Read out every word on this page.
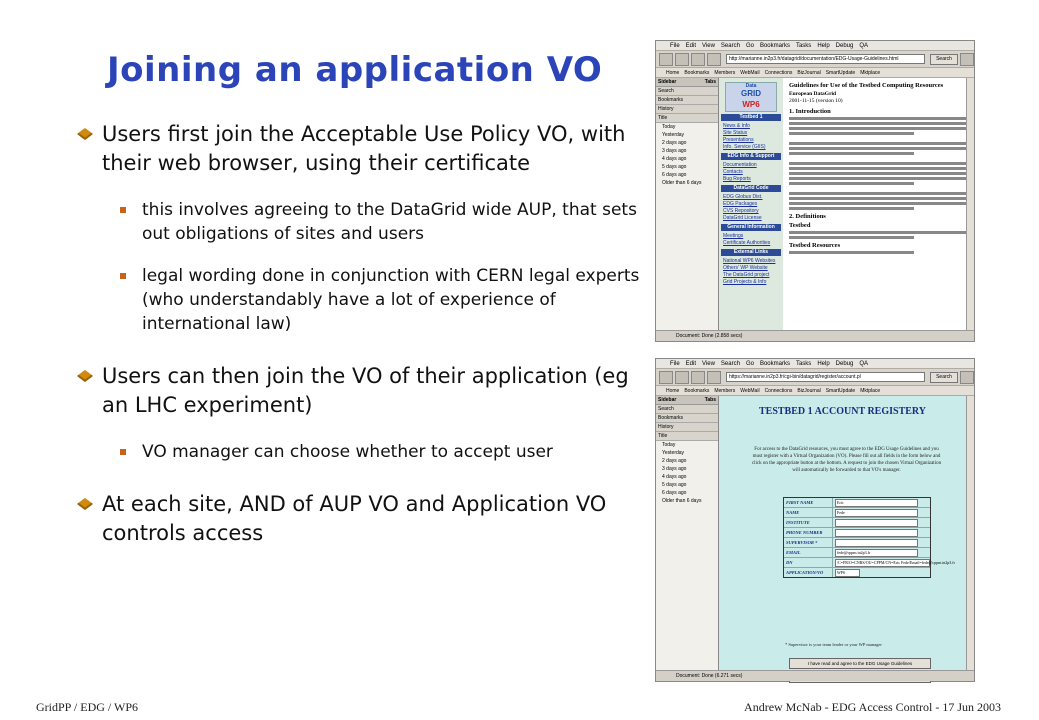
Joining an application VO
Users first join the Acceptable Use Policy VO, with their web browser, using their certificate
this involves agreeing to the DataGrid wide AUP, that sets out obligations of sites and users
legal wording done in conjunction with CERN legal experts (who understandably have a lot of experience of international law)
Users can then join the VO of their application (eg an LHC experiment)
VO manager can choose whether to accept user
At each site, AND of AUP VO and Application VO controls access
File Edit View Search Go Bookmarks Tasks Help Debug QA
http://marianne.in2p3.fr/datagrid/documentation/EDG-Usage-Guidelines.html	Search
Home Bookmarks Members WebMail Connections BizJournal SmartUpdate Mktplace
Sidebar	Tabs
Search
Bookmarks
History
Title
Today
Yesterday
2 days ago
3 days ago
4 days ago
5 days ago
6 days ago
Older than 6 days
Data
GRID
WP6
Testbed 1
News & Info
Site Status
Presentations
Info. Service (GIIS)
EDG Info & Support
Documentation
Contacts
Bug Reports
DataGrid Code
EDG Globus Dist.
EDG Packages
CVS Repository
DataGrid License
General Information
Meetings
Certificate Authorities
External Links
National WP6 Websites
Others' WP Website
The DataGrid project
Grid Projects & Info
Guidelines for Use of the Testbed Computing Resources
European DataGrid
2001-11-15 (version 10)
1. Introduction
2. Definitions
Testbed
Testbed Resources
Document: Done (2.858 secs)
File Edit View Search Go Bookmarks Tasks Help Debug QA
https://marianne.in2p3.fr/cgi-bin/datagrid/register/account.pl	Search
Home Bookmarks Members WebMail Connections BizJournal SmartUpdate Mktplace
Sidebar	Tabs
Search
Bookmarks
History
Title
Today
Yesterday
2 days ago
3 days ago
4 days ago
5 days ago
6 days ago
Older than 6 days
TESTBED 1 ACCOUNT REGISTERY
For access to the DataGrid resources, you must agree to the EDG Usage Guidelines and you must register with a Virtual Organization (VO). Please fill out all fields in the form below and click on the appropriate button at the bottom. A request to join the chosen Virtual Organization will automatically be forwarded to that VO's manager.
FIRST NAME	Eric
NAME	Fede
INSTITUTE
PHONE NUMBER
SUPERVISOR *
EMAIL	fede@cppm.in2p3.fr
DN	/C=FR/O=CNRS/OU=CPPM/CN=Eric Fede/Email=fede@cppm.in2p3.fr
APPLICATION/VO	WP6
* Supervisor is your team leader or your WP manager
I have read and agree to the EDG Usage Guidelines
Document: Done (6.271 secs)
GridPP / EDG / WP6	Andrew McNab - EDG Access Control - 17 Jun 2003
